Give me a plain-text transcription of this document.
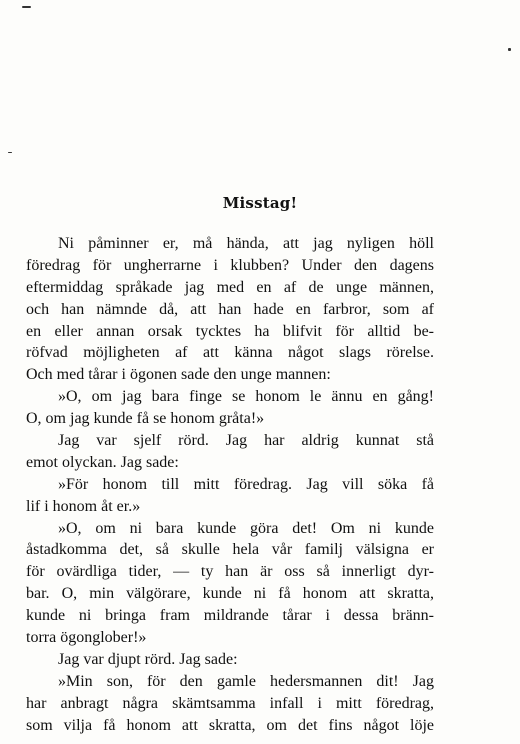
Misstag!
Ni påminner er, må hända, att jag nyligen höll
föredrag för ungherrarne i klubben? Under den dagens
eftermiddag språkade jag med en af de unge männen,
och han nämnde då, att han hade en farbror, som af
en eller annan orsak tycktes ha blifvit för alltid be-
röfvad möjligheten af att känna något slags rörelse.
Och med tårar i ögonen sade den unge mannen:
»O, om jag bara finge se honom le ännu en gång!
O, om jag kunde få se honom gråta!»
Jag var sjelf rörd. Jag har aldrig kunnat stå
emot olyckan. Jag sade:
»För honom till mitt föredrag. Jag vill söka få
lif i honom åt er.»
»O, om ni bara kunde göra det! Om ni kunde
åstadkomma det, så skulle hela vår familj välsigna er
för ovärdliga tider, — ty han är oss så innerligt dyr-
bar. O, min välgörare, kunde ni få honom att skratta,
kunde ni bringa fram mildrande tårar i dessa bränn-
torra ögonglober!»
Jag var djupt rörd. Jag sade:
»Min son, för den gamle hedersmannen dit! Jag
har anbragt några skämtsamma infall i mitt föredrag,
som vilja få honom att skratta, om det fins något löje
